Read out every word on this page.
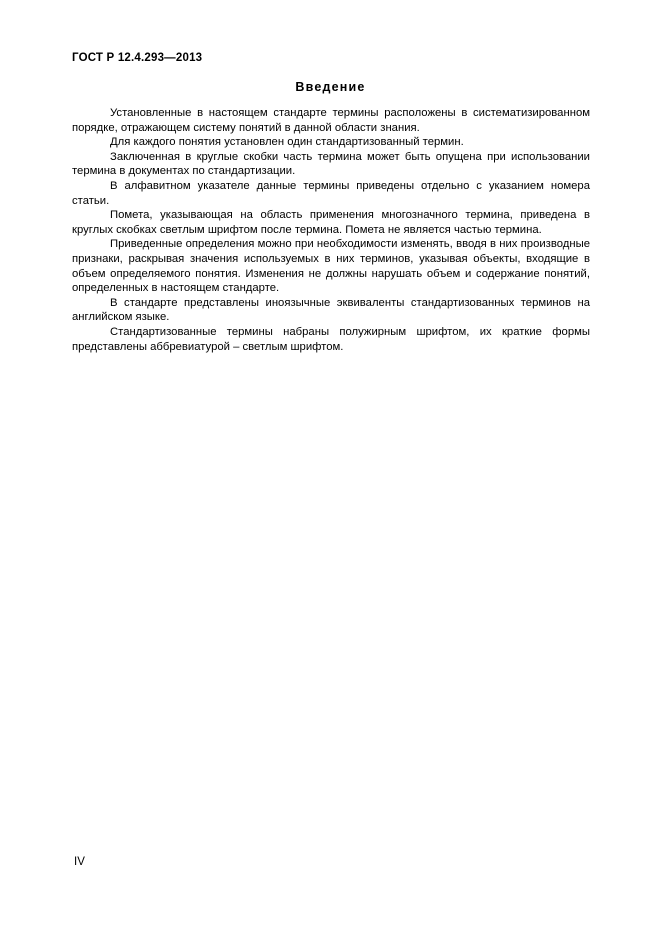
ГОСТ Р 12.4.293—2013
Введение

Установленные в настоящем стандарте термины расположены в систематизированном порядке, отражающем систему понятий в данной области знания.

Для каждого понятия установлен один стандартизованный термин.

Заключенная в круглые скобки часть термина может быть опущена при использовании термина в документах по стандартизации.

В алфавитном указателе данные термины приведены отдельно с указанием номера статьи.

Помета, указывающая на область применения многозначного термина, приведена в круглых скобках светлым шрифтом после термина. Помета не является частью термина.

Приведенные определения можно при необходимости изменять, вводя в них производные признаки, раскрывая значения используемых в них терминов, указывая объекты, входящие в объем определяемого понятия. Изменения не должны нарушать объем и содержание понятий, определенных в настоящем стандарте.

В стандарте представлены иноязычные эквиваленты стандартизованных терминов на английском языке.

Стандартизованные термины набраны полужирным шрифтом, их краткие формы представлены аббревиатурой – светлым шрифтом.

IV
